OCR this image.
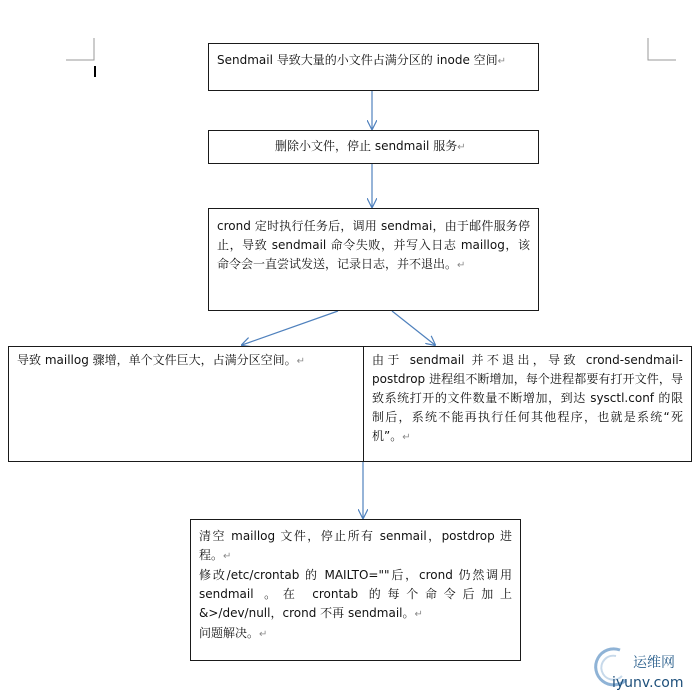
Sendmail 导致大量的小文件占满分区的 inode 空间↵

删除小文件，停止 sendmail 服务↵

crond 定时执行任务后，调用 sendmai，由于邮件服务停止，导致 sendmail 命令失败，并写入日志 maillog，该命令会一直尝试发送，记录日志，并不退出。↵

导致 maillog 骤增，单个文件巨大，占满分区空间。↵	由于 sendmail 并不退出，导致 crond-sendmail-postdrop 进程组不断增加，每个进程都要有打开文件，导致系统打开的文件数量不断增加，到达 sysctl.conf 的限制后，系统不能再执行任何其他程序，也就是系统“死机”。↵

清空 maillog 文件，停止所有 senmail，postdrop 进程。↵

修改/etc/crontab 的 MAILTO=""后，crond 仍然调用 sendmail 。在 crontab 的每个命令后加上&>/dev/null，crond 不再 sendmail。↵

问题解决。↵

运维网
iyunv.com
